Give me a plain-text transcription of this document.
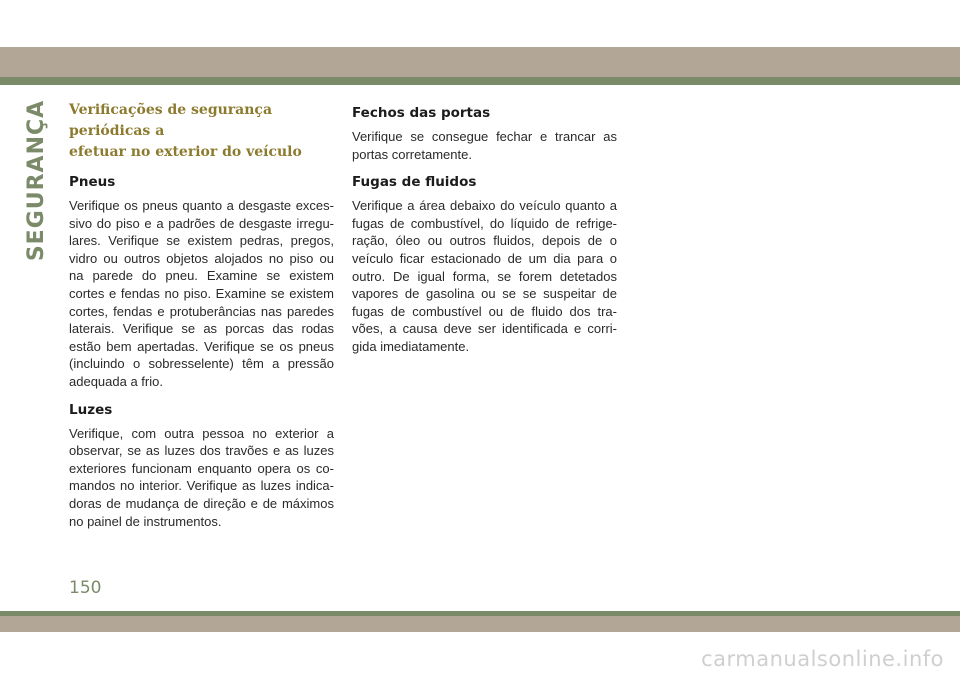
SEGURANÇA Verificações de segurança periódicas a
efetuar no exterior do veículo
Pneus
Verifique os pneus quanto a desgaste exces- sivo do piso e a padrões de desgaste irregu- lares. Verifique se existem pedras, pregos, vidro ou outros objetos alojados no piso ou na parede do pneu. Examine se existem cortes e fendas no piso. Examine se existem cortes, fendas e protuberâncias nas paredes laterais. Verifique se as porcas das rodas estão bem apertadas. Verifique se os pneus (incluindo o sobresselente) têm a pressão adequada a frio.
Luzes
Verifique, com outra pessoa no exterior a observar, se as luzes dos travões e as luzes exteriores funcionam enquanto opera os co- mandos no interior. Verifique as luzes indica- doras de mudança de direção e de máximos no painel de instrumentos.
Fechos das portas
Verifique se consegue fechar e trancar as portas corretamente.
Fugas de fluidos
Verifique a área debaixo do veículo quanto a fugas de combustível, do líquido de refrige- ração, óleo ou outros fluidos, depois de o veículo ficar estacionado de um dia para o outro. De igual forma, se forem detetados vapores de gasolina ou se se suspeitar de fugas de combustível ou de fluido dos tra- vões, a causa deve ser identificada e corri- gida imediatamente.
150
carmanualsonline.info
